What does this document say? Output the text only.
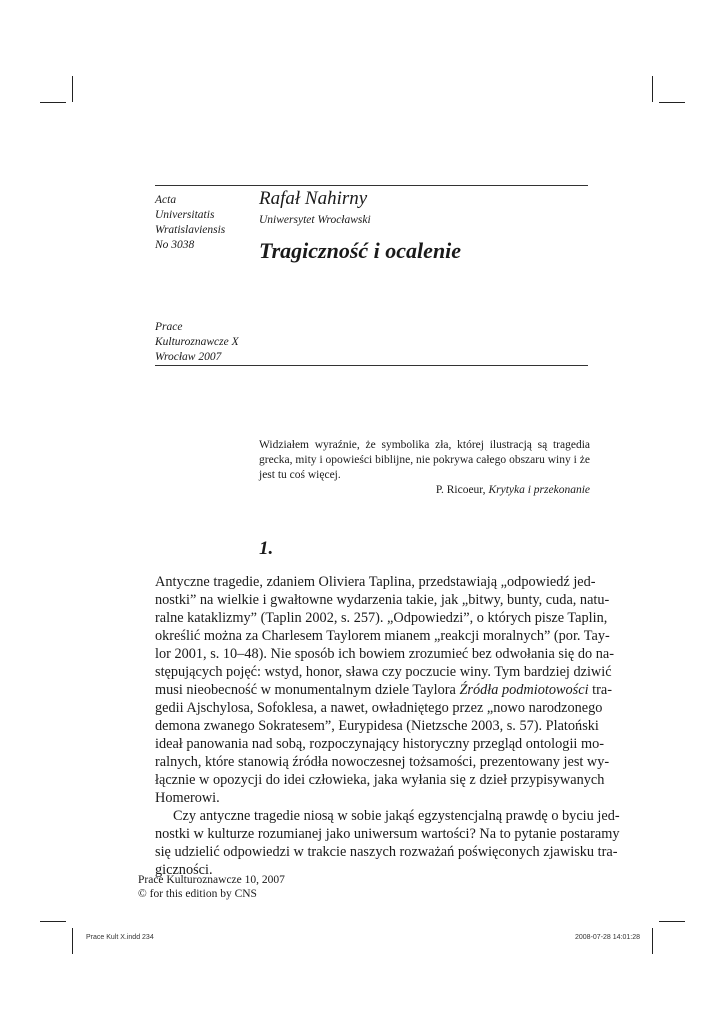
Acta
Universitatis
Wratislaviensis
No 3038
Prace
Kulturoznawcze X
Wrocław 2007
Rafał Nahirny
Uniwersytet Wrocławski
Tragiczność i ocalenie
Widziałem wyraźnie, że symbolika zła, której ilustracją są tragedia grecka, mity i opowieści biblijne, nie pokrywa całego obszaru winy i że jest tu coś więcej.
P. Ricoeur, Krytyka i przekonanie
1.
Antyczne tragedie, zdaniem Oliviera Taplina, przedstawiają „odpowiedź jed-
nostki” na wielkie i gwałtowne wydarzenia takie, jak „bitwy, bunty, cuda, natu-
ralne kataklizmy” (Taplin 2002, s. 257). „Odpowiedzi”, o których pisze Taplin,
określić można za Charlesem Taylorem mianem „reakcji moralnych” (por. Tay-
lor 2001, s. 10–48). Nie sposób ich bowiem zrozumieć bez odwołania się do na-
stępujących pojęć: wstyd, honor, sława czy poczucie winy. Tym bardziej dziwić
musi nieobecność w monumentalnym dziele Taylora Źródła podmiotowości tra-
gedii Ajschylosa, Sofoklesa, a nawet, owładniętego przez „nowo narodzonego
demona zwanego Sokratesem”, Eurypidesa (Nietzsche 2003, s. 57). Platoński
ideał panowania nad sobą, rozpoczynający historyczny przegląd ontologii mo-
ralnych, które stanowią źródła nowoczesnej tożsamości, prezentowany jest wy-
łącznie w opozycji do idei człowieka, jaka wyłania się z dzieł przypisywanych
Homerowi.
Czy antyczne tragedie niosą w sobie jakąś egzystencjalną prawdę o byciu jed-
nostki w kulturze rozumianej jako uniwersum wartości? Na to pytanie postaramy
się udzielić odpowiedzi w trakcie naszych rozważań poświęconych zjawisku tra-
giczności.
Prace Kulturoznawcze 10, 2007
© for this edition by CNS
Prace Kult X.indd 234	2008-07-28 14:01:28
